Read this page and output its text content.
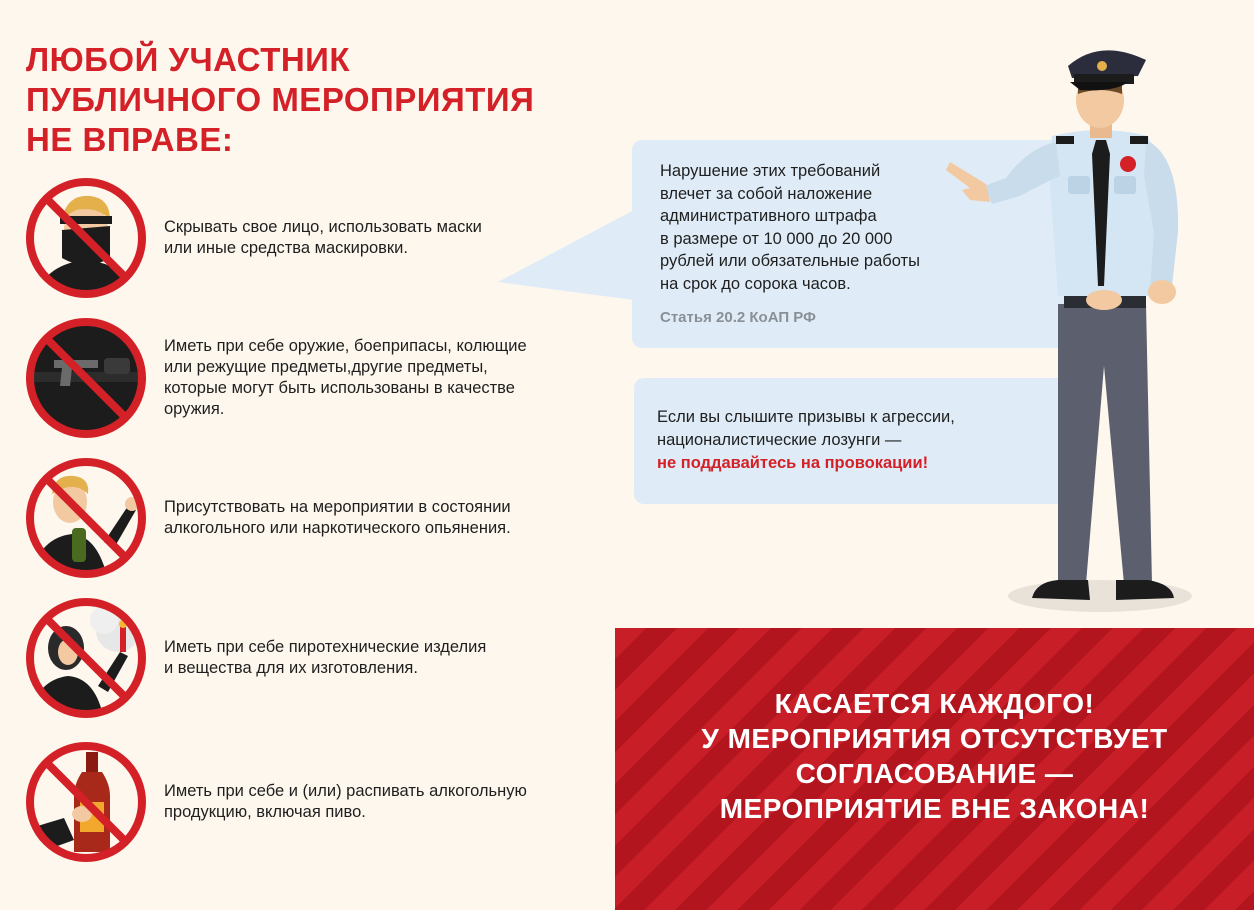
ЛЮБОЙ УЧАСТНИК
ПУБЛИЧНОГО МЕРОПРИЯТИЯ
НЕ ВПРАВЕ:
Скрывать свое лицо, использовать маски
или иные средства маскировки.
Иметь при себе оружие, боеприпасы, колющие
или режущие предметы,другие предметы,
которые могут быть использованы в качестве
оружия.
Присутствовать на мероприятии в состоянии
алкогольного или наркотического опьянения.
Иметь при себе пиротехнические изделия
и вещества для их изготовления.
Иметь при себе и (или) распивать алкогольную
продукцию, включая пиво.
Нарушение этих требований
влечет за собой наложение
административного штрафа
в размере от 10 000 до 20 000
рублей или обязательные работы
на срок до сорока часов.
Статья 20.2 КоАП РФ
Если вы слышите призывы к агрессии,
националистические лозунги —
не поддавайтесь на провокации!
КАСАЕТСЯ КАЖДОГО!
У МЕРОПРИЯТИЯ ОТСУТСТВУЕТ
СОГЛАСОВАНИЕ —
МЕРОПРИЯТИЕ ВНЕ ЗАКОНА!
